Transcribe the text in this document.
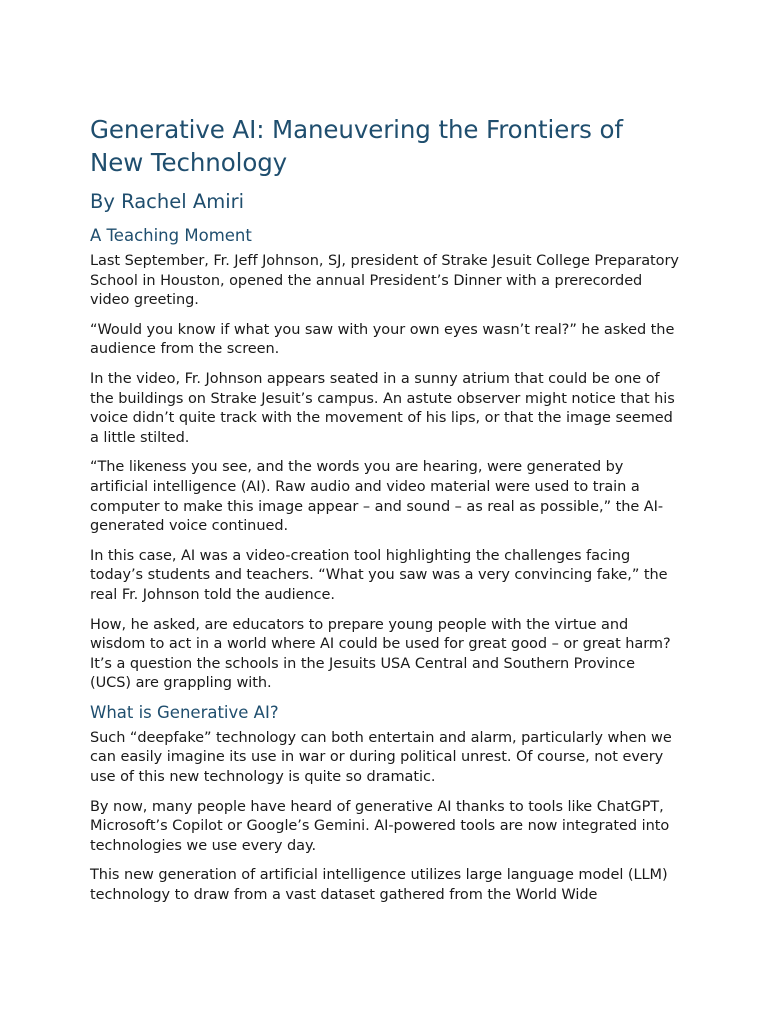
Generative AI: Maneuvering the Frontiers of New Technology
By Rachel Amiri
A Teaching Moment

Last September, Fr. Jeff Johnson, SJ, president of Strake Jesuit College Preparatory School in Houston, opened the annual President’s Dinner with a prerecorded video greeting.

“Would you know if what you saw with your own eyes wasn’t real?” he asked the audience from the screen.

In the video, Fr. Johnson appears seated in a sunny atrium that could be one of the buildings on Strake Jesuit’s campus. An astute observer might notice that his voice didn’t quite track with the movement of his lips, or that the image seemed a little stilted.

“The likeness you see, and the words you are hearing, were generated by artificial intelligence (AI). Raw audio and video material were used to train a computer to make this image appear – and sound – as real as possible,” the AI-generated voice continued.

In this case, AI was a video-creation tool highlighting the challenges facing today’s students and teachers. “What you saw was a very convincing fake,” the real Fr. Johnson told the audience.

How, he asked, are educators to prepare young people with the virtue and wisdom to act in a world where AI could be used for great good – or great harm? It’s a question the schools in the Jesuits USA Central and Southern Province (UCS) are grappling with.

What is Generative AI?

Such “deepfake” technology can both entertain and alarm, particularly when we can easily imagine its use in war or during political unrest. Of course, not every use of this new technology is quite so dramatic.

By now, many people have heard of generative AI thanks to tools like ChatGPT, Microsoft’s Copilot or Google’s Gemini. AI-powered tools are now integrated into technologies we use every day.

This new generation of artificial intelligence utilizes large language model (LLM) technology to draw from a vast dataset gathered from the World Wide
